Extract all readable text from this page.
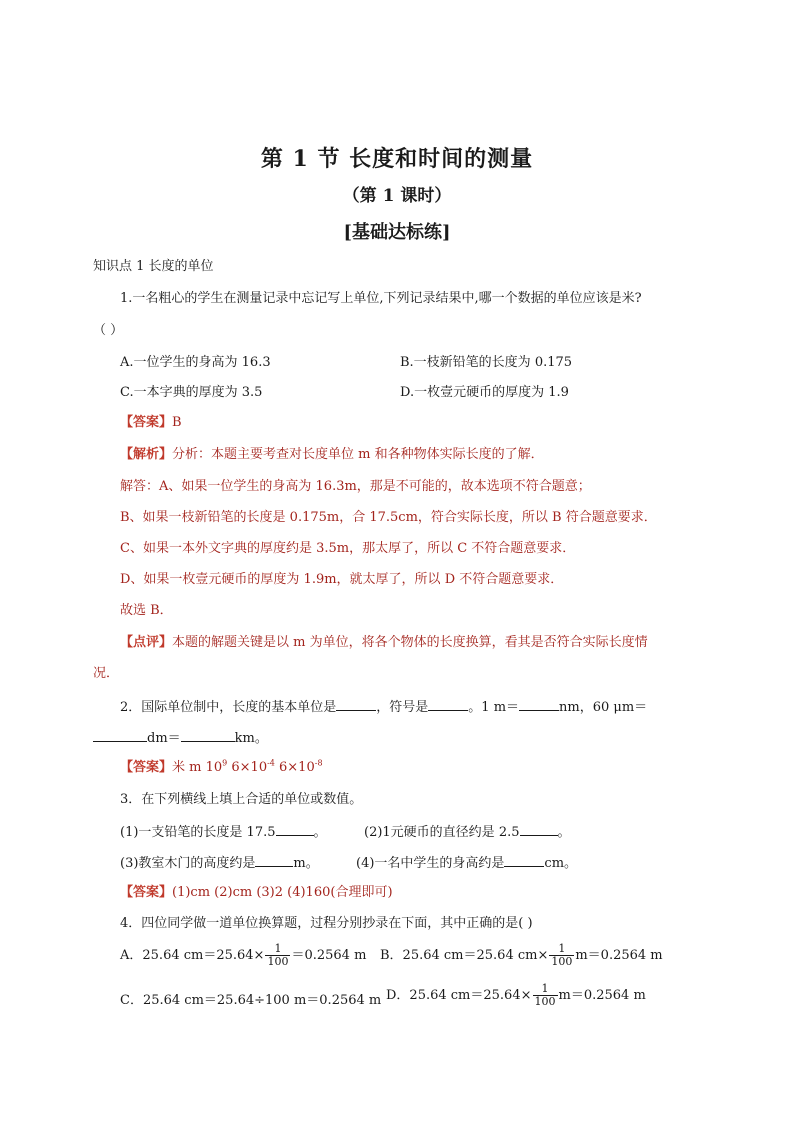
第 1 节 长度和时间的测量
（第 1 课时）
[基础达标练]
知识点 1 长度的单位
1.一名粗心的学生在测量记录中忘记写上单位,下列记录结果中,哪一个数据的单位应该是米?
（ ）
A.一位学生的身高为 16.3	B.一枝新铅笔的长度为 0.175
C.一本字典的厚度为 3.5	D.一枚壹元硬币的厚度为 1.9
【答案】B
【解析】分析：本题主要考查对长度单位 m 和各种物体实际长度的了解．
解答：A、如果一位学生的身高为 16.3m，那是不可能的，故本选项不符合题意；
B、如果一枝新铅笔的长度是 0.175m，合 17.5cm，符合实际长度，所以 B 符合题意要求．
C、如果一本外文字典的厚度约是 3.5m，那太厚了，所以 C 不符合题意要求．
D、如果一枚壹元硬币的厚度为 1.9m，就太厚了，所以 D 不符合题意要求．
故选 B．
【点评】本题的解题关键是以 m 为单位，将各个物体的长度换算，看其是否符合实际长度情
况．
2．国际单位制中，长度的基本单位是	，符号是	。1 m＝	nm，60 μm＝
dm＝	km。
【答案】米 m $10^9$ $6\times 10^{-4}$ $6\times 10^{-8}$
3．在下列横线上填上合适的单位或数值。
(1)一支铅笔的长度是 17.5	。	(2)1元硬币的直径约是 2.5	。
(3)教室木门的高度约是	m。	(4)一名中学生的身高约是	cm。
【答案】(1)cm (2)cm (3)2 (4)160(合理即可)
4．四位同学做一道单位换算题，过程分别抄录在下面，其中正确的是( )
A．25.64 $cm=25.64\times \frac{1}{100} =0.2564$ m B．25.64 cm＝25.64 $cm\times \frac{1}{100} m=0.2564$ m
C．25.64 cm＝25.64÷100 m＝0.2564 m D．25.64 $cm=25.64\times \frac{1}{100} m=0.2564$ m
